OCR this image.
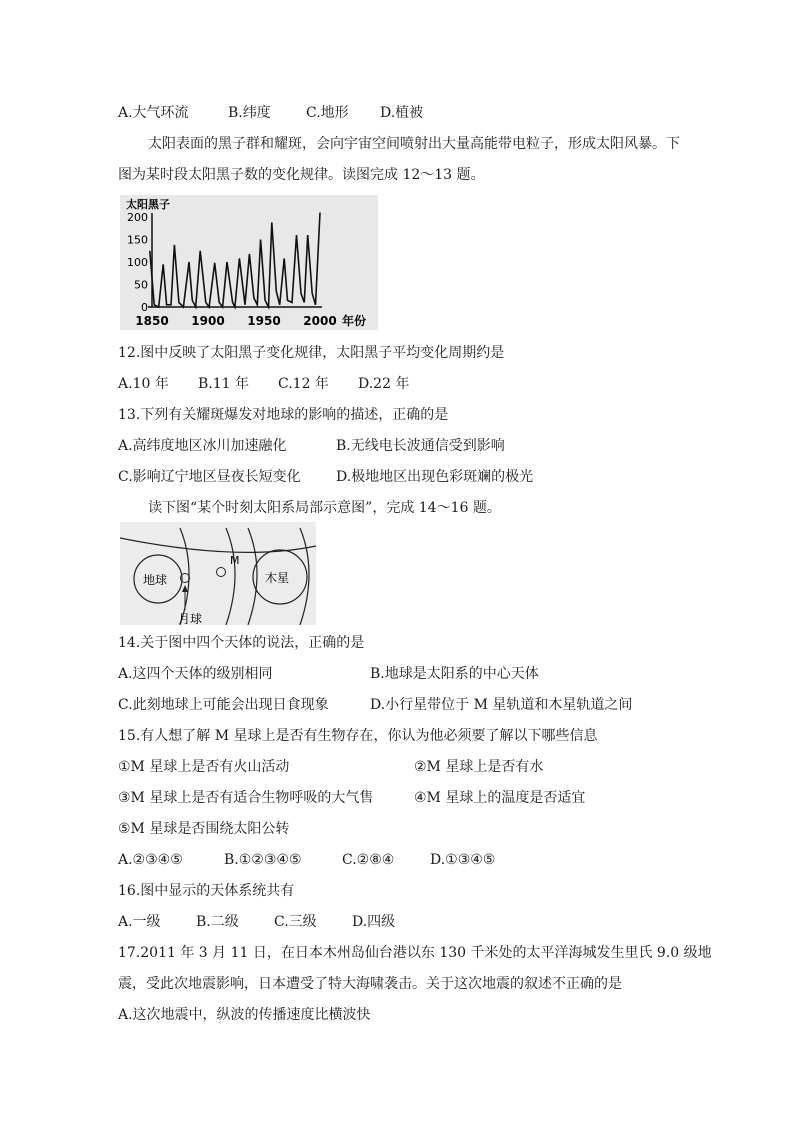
A.大气环流	B.纬度	C.地形 D.植被
太阳表面的黑子群和耀斑，会向宇宙空间喷射出大量高能带电粒子，形成太阳风暴。下
图为某时段太阳黑子数的变化规律。读图完成 12～13 题。
太阳黑子
200
150
100
50
0
1850 1900 1950 2000 年份
12.图中反映了太阳黑子变化规律，太阳黑子平均变化周期约是
A.10 年 B.11 年 C.12 年 D.22 年
13.下列有关耀斑爆发对地球的影响的描述，正确的是
A.高纬度地区冰川加速融化	B.无线电长波通信受到影响
C.影响辽宁地区昼夜长短变化	D.极地地区出现色彩斑斓的极光
读下图“某个时刻太阳系局部示意图”，完成 14～16 题。
地球
月球
M
木星
14.关于图中四个天体的说法，正确的是
A.这四个天体的级别相同	B.地球是太阳系的中心天体
C.此刻地球上可能会出现日食现象	D.小行星带位于 M 星轨道和木星轨道之间
15.有人想了解 M 星球上是否有生物存在，你认为他必须要了解以下哪些信息
①M 星球上是否有火山活动	②M 星球上是否有水
③M 星球上是否有适合生物呼吸的大气售	④M 星球上的温度是否适宜
⑤M 星球是否围绕太阳公转
A.②③④⑤	B.①②③④⑤	C.②⑧④	D.①③④⑤
16.图中显示的天体系统共有
A.一级	B.二级	C.三级	D.四级
17.2011 年 3 月 11 日，在日本木州岛仙台港以东 130 千米处的太平洋海城发生里氏 9.0 级地
震，受此次地震影响，日本遭受了特大海啸袭击。关于这次地震的叙述不正确的是
A.这次地震中，纵波的传播速度比横波快
